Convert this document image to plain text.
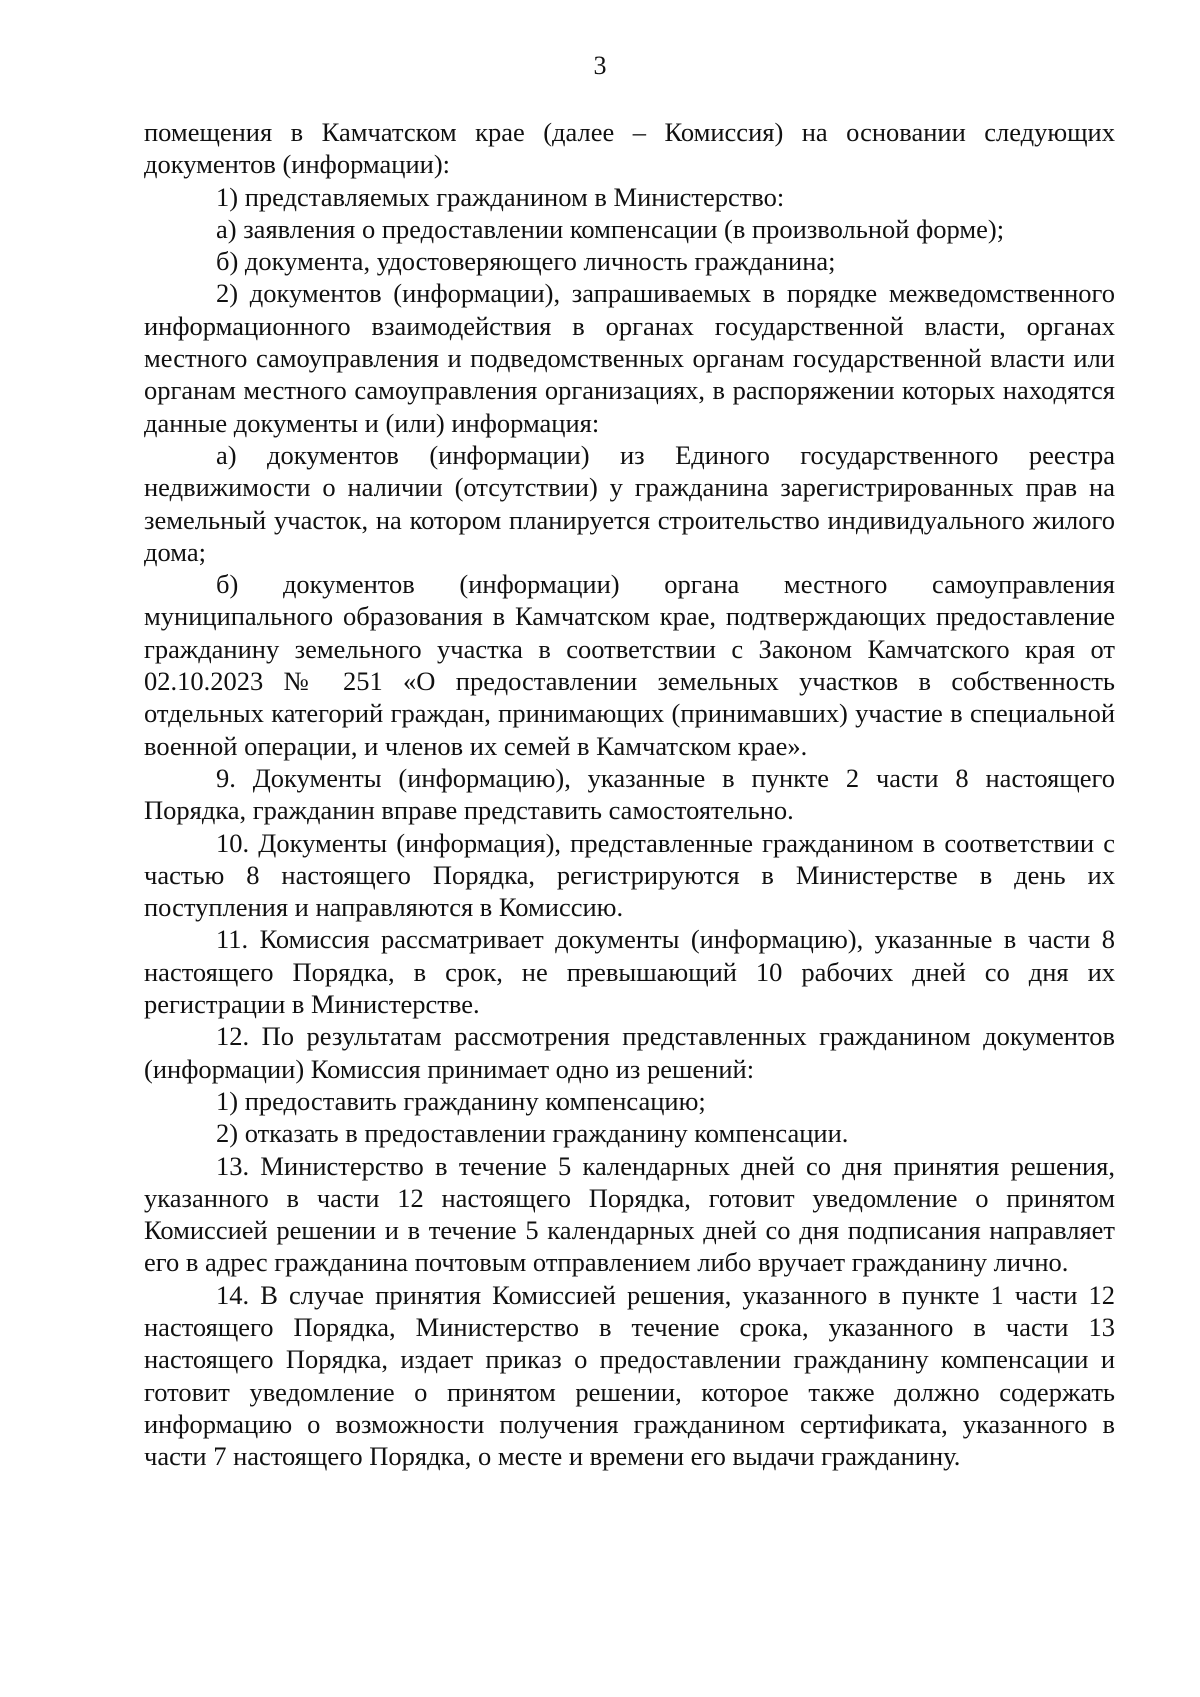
3

помещения в Камчатском крае (далее – Комиссия) на основании следующих документов (информации):

1) представляемых гражданином в Министерство:

а) заявления о предоставлении компенсации (в произвольной форме);

б) документа, удостоверяющего личность гражданина;

2) документов (информации), запрашиваемых в порядке межведомственного информационного взаимодействия в органах государственной власти, органах местного самоуправления и подведомственных органам государственной власти или органам местного самоуправления организациях, в распоряжении которых находятся данные документы и (или) информация:

а) документов (информации) из Единого государственного реестра недвижимости о наличии (отсутствии) у гражданина зарегистрированных прав на земельный участок, на котором планируется строительство индивидуального жилого дома;

б) документов (информации) органа местного самоуправления муниципального образования в Камчатском крае, подтверждающих предоставление гражданину земельного участка в соответствии с Законом Камчатского края от 02.10.2023 № 251 «О предоставлении земельных участков в собственность отдельных категорий граждан, принимающих (принимавших) участие в специальной военной операции, и членов их семей в Камчатском крае».

9. Документы (информацию), указанные в пункте 2 части 8 настоящего Порядка, гражданин вправе представить самостоятельно.

10. Документы (информация), представленные гражданином в соответствии с частью 8 настоящего Порядка, регистрируются в Министерстве в день их поступления и направляются в Комиссию.

11. Комиссия рассматривает документы (информацию), указанные в части 8 настоящего Порядка, в срок, не превышающий 10 рабочих дней со дня их регистрации в Министерстве.

12. По результатам рассмотрения представленных гражданином документов (информации) Комиссия принимает одно из решений:

1) предоставить гражданину компенсацию;

2) отказать в предоставлении гражданину компенсации.

13. Министерство в течение 5 календарных дней со дня принятия решения, указанного в части 12 настоящего Порядка, готовит уведомление о принятом Комиссией решении и в течение 5 календарных дней со дня подписания направляет его в адрес гражданина почтовым отправлением либо вручает гражданину лично.

14. В случае принятия Комиссией решения, указанного в пункте 1 части 12 настоящего Порядка, Министерство в течение срока, указанного в части 13 настоящего Порядка, издает приказ о предоставлении гражданину компенсации и готовит уведомление о принятом решении, которое также должно содержать информацию о возможности получения гражданином сертификата, указанного в части 7 настоящего Порядка, о месте и времени его выдачи гражданину.
